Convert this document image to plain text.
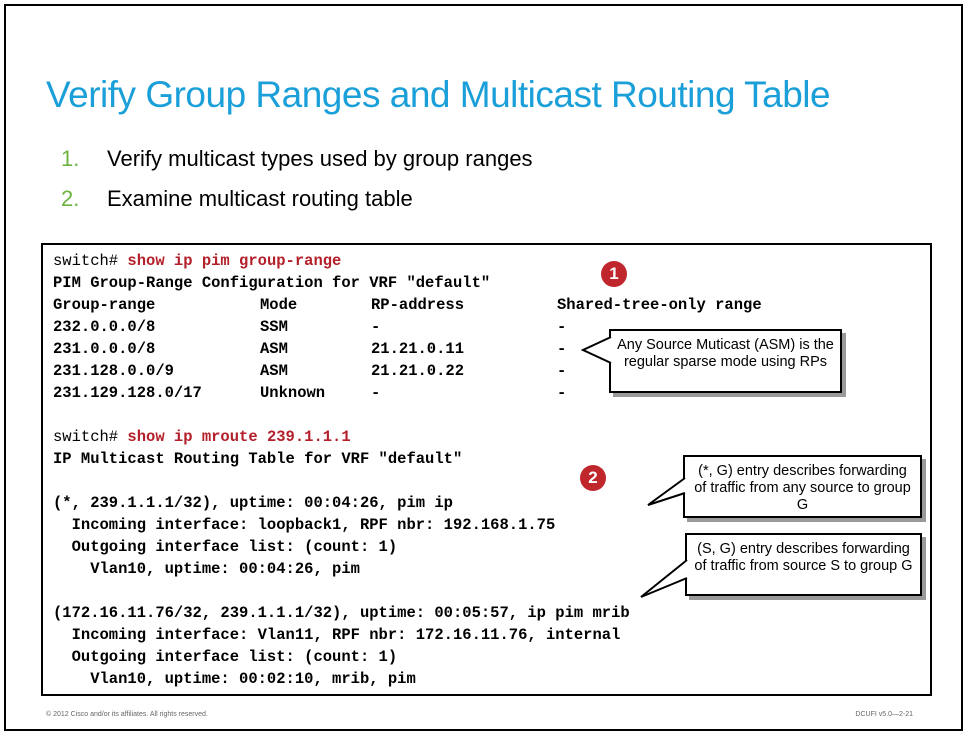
Verify Group Ranges and Multicast Routing Table
1. Verify multicast types used by group ranges
2. Examine multicast routing table
switch# show ip pim group-range
PIM Group-Range Configuration for VRF "default"
Group-range	Mode	RP-address	Shared-tree-only range
232.0.0.0/8	SSM	-	-
231.0.0.0/8	ASM	21.21.0.11	-
231.128.0.0/9	ASM	21.21.0.22	-
231.129.128.0/17	Unknown	-	-
switch# show ip mroute 239.1.1.1
IP Multicast Routing Table for VRF "default"
(*, 239.1.1.1/32), uptime: 00:04:26, pim ip
Incoming interface: loopback1, RPF nbr: 192.168.1.75
Outgoing interface list: (count: 1)
Vlan10, uptime: 00:04:26, pim
(172.16.11.76/32, 239.1.1.1/32), uptime: 00:05:57, ip pim mrib
Incoming interface: Vlan11, RPF nbr: 172.16.11.76, internal
Outgoing interface list: (count: 1)
Vlan10, uptime: 00:02:10, mrib, pim
1
2
Any Source Muticast (ASM) is the regular sparse mode using RPs
(*, G) entry describes forwarding of traffic from any source to group G
(S, G) entry describes forwarding of traffic from source S to group G
© 2012 Cisco and/or its affiliates. All rights reserved.	DCUFI v5.0—2-21
